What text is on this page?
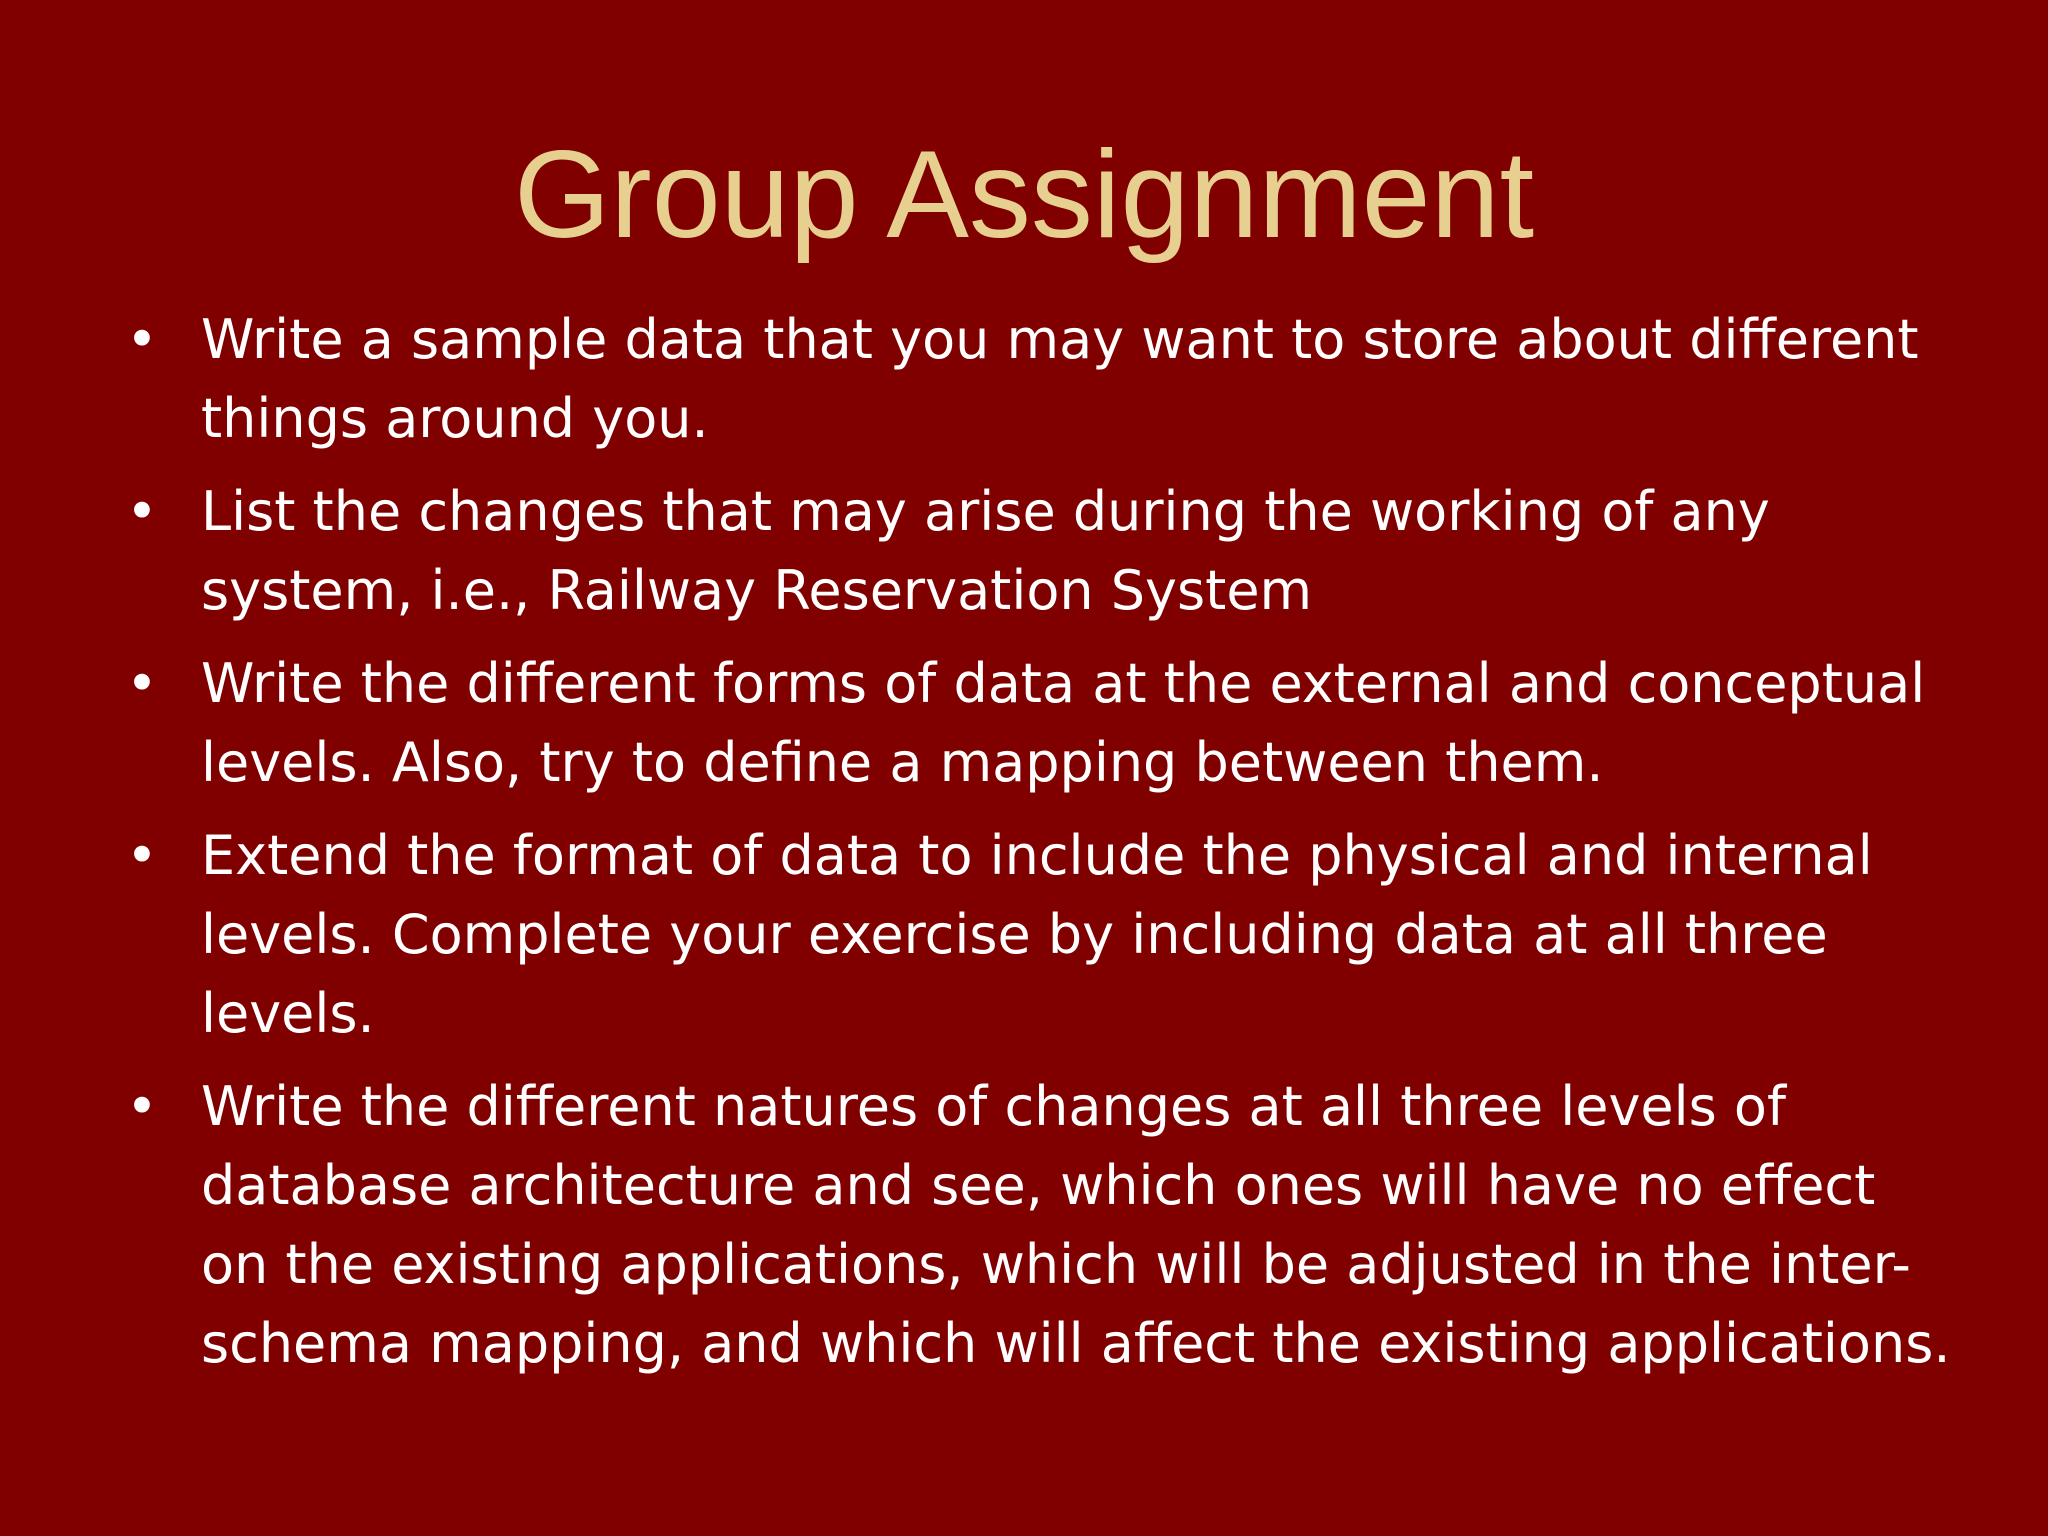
Group Assignment
• Write a sample data that you may want to store about different things around you.
• List the changes that may arise during the working of any system, i.e., Railway Reservation System
• Write the different forms of data at the external and conceptual levels. Also, try to define a mapping between them.
• Extend the format of data to include the physical and internal levels. Complete your exercise by including data at all three levels.
• Write the different natures of changes at all three levels of database architecture and see, which ones will have no effect on the existing applications, which will be adjusted in the inter-schema mapping, and which will affect the existing applications.
